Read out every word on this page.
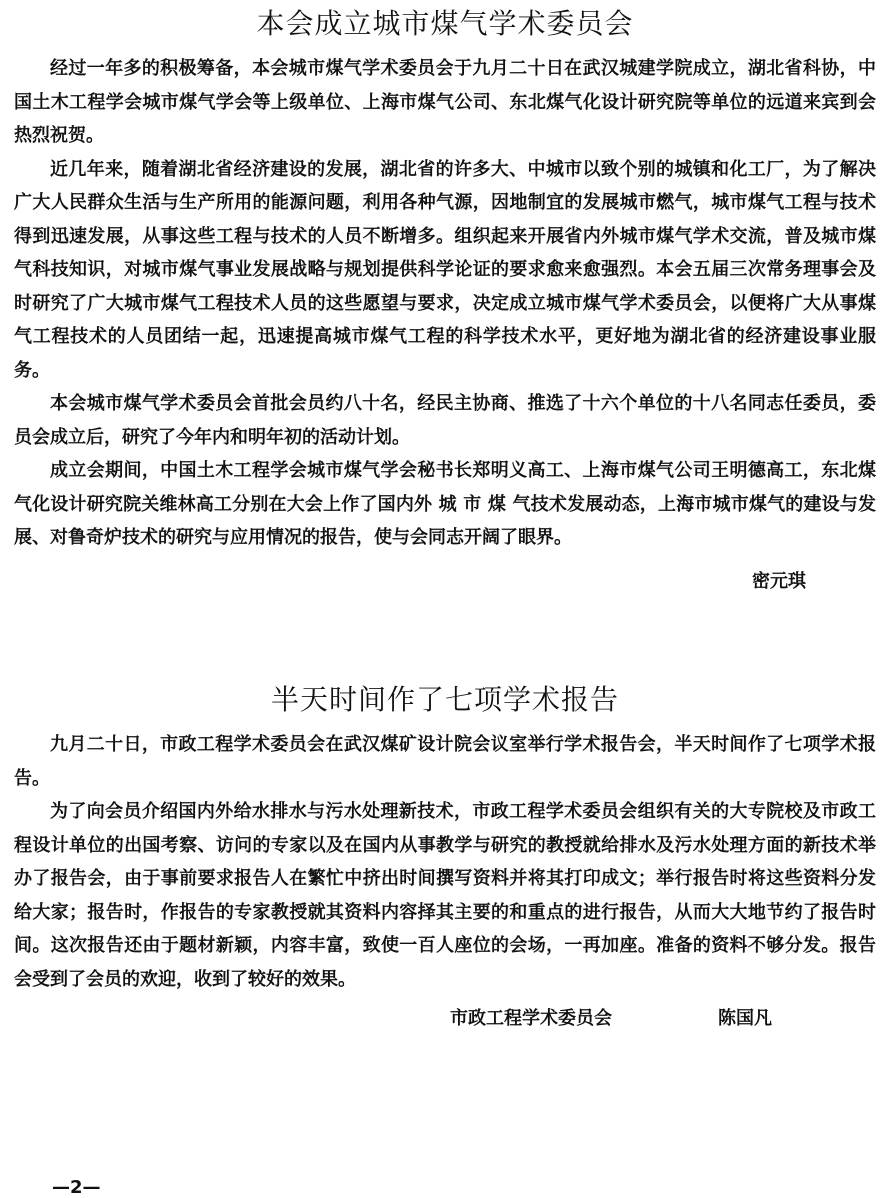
本会成立城市煤气学术委员会

经过一年多的积极筹备，本会城市煤气学术委员会于九月二十日在武汉城建学院成立，湖北省科协，中国土木工程学会城市煤气学会等上级单位、上海市煤气公司、东北煤气化设计研究院等单位的远道来宾到会热烈祝贺。

近几年来，随着湖北省经济建设的发展，湖北省的许多大、中城市以致个别的城镇和化工厂，为了解决广大人民群众生活与生产所用的能源问题，利用各种气源，因地制宜的发展城市燃气，城市煤气工程与技术得到迅速发展，从事这些工程与技术的人员不断增多。组织起来开展省内外城市煤气学术交流，普及城市煤气科技知识，对城市煤气事业发展战略与规划提供科学论证的要求愈来愈强烈。本会五届三次常务理事会及时研究了广大城市煤气工程技术人员的这些愿望与要求，决定成立城市煤气学术委员会，以便将广大从事煤气工程技术的人员团结一起，迅速提高城市煤气工程的科学技术水平，更好地为湖北省的经济建设事业服务。

本会城市煤气学术委员会首批会员约八十名，经民主协商、推选了十六个单位的十八名同志任委员，委员会成立后，研究了今年内和明年初的活动计划。

成立会期间，中国土木工程学会城市煤气学会秘书长郑明义高工、上海市煤气公司王明德高工，东北煤气化设计研究院关维林高工分别在大会上作了国内外 城 市 煤 气技术发展动态，上海市城市煤气的建设与发展、对鲁奇炉技术的研究与应用情况的报告，使与会同志开阔了眼界。

密元琪
半天时间作了七项学术报告

九月二十日，市政工程学术委员会在武汉煤矿设计院会议室举行学术报告会，半天时间作了七项学术报告。

为了向会员介绍国内外给水排水与污水处理新技术，市政工程学术委员会组织有关的大专院校及市政工程设计单位的出国考察、访问的专家以及在国内从事教学与研究的教授就给排水及污水处理方面的新技术举办了报告会，由于事前要求报告人在繁忙中挤出时间撰写资料并将其打印成文；举行报告时将这些资料分发给大家；报告时，作报告的专家教授就其资料内容择其主要的和重点的进行报告，从而大大地节约了报告时间。这次报告还由于题材新颖，内容丰富，致使一百人座位的会场，一再加座。准备的资料不够分发。报告会受到了会员的欢迎，收到了较好的效果。

市政工程学术委员会	陈国凡
—2—
